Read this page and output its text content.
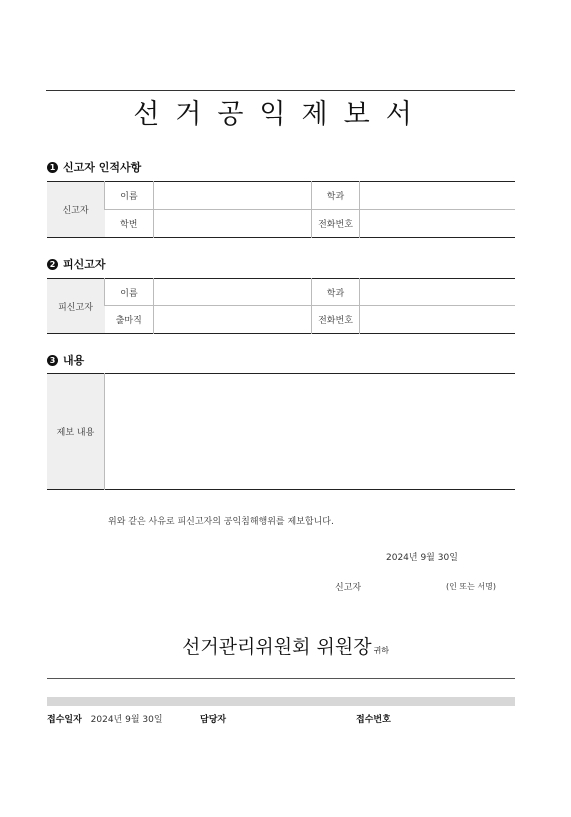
선거공익제보서
1 신고자 인적사항
신고자	이름		학과	
	학번		전화번호	
2 피신고자
피신고자	이름		학과	
	출마직		전화번호	
3 내용
제보 내용	
위와 같은 사유로 피신고자의 공익침해행위를 제보합니다.
2024년 9월 30일
신고자	(인 또는 서명)
선거관리위원회 위원장 귀하
접수일자 2024년 9월 30일	담당자	접수번호
